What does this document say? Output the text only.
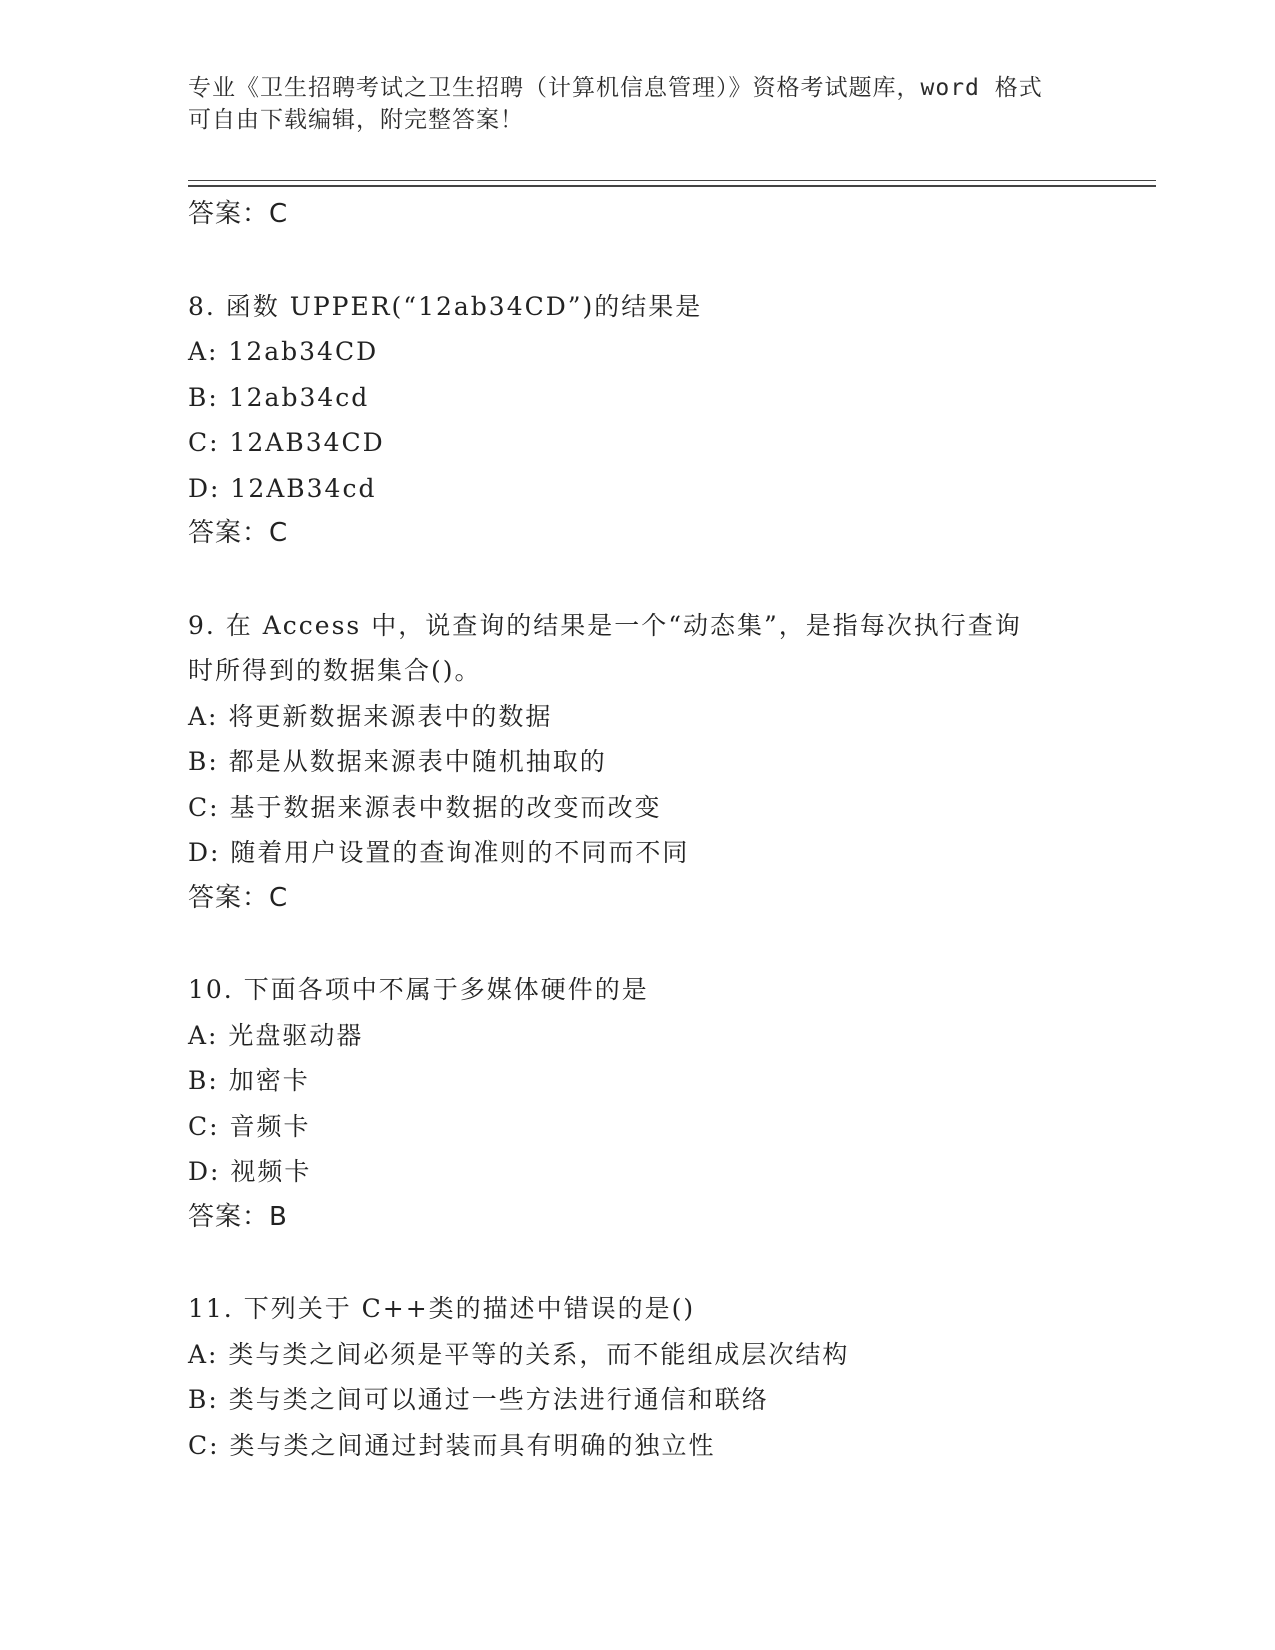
专业《卫生招聘考试之卫生招聘（计算机信息管理）》资格考试题库，word 格式
可自由下载编辑，附完整答案！
答案：C
8. 函数 UPPER(“12ab34CD”)的结果是
A: 12ab34CD
B: 12ab34cd
C: 12AB34CD
D: 12AB34cd
答案：C
9. 在 Access 中，说查询的结果是一个“动态集”，是指每次执行查询
时所得到的数据集合()。
A: 将更新数据来源表中的数据
B: 都是从数据来源表中随机抽取的
C: 基于数据来源表中数据的改变而改变
D: 随着用户设置的查询准则的不同而不同
答案：C
10. 下面各项中不属于多媒体硬件的是
A: 光盘驱动器
B: 加密卡
C: 音频卡
D: 视频卡
答案：B
11. 下列关于 C++类的描述中错误的是()
A: 类与类之间必须是平等的关系，而不能组成层次结构
B: 类与类之间可以通过一些方法进行通信和联络
C: 类与类之间通过封装而具有明确的独立性
